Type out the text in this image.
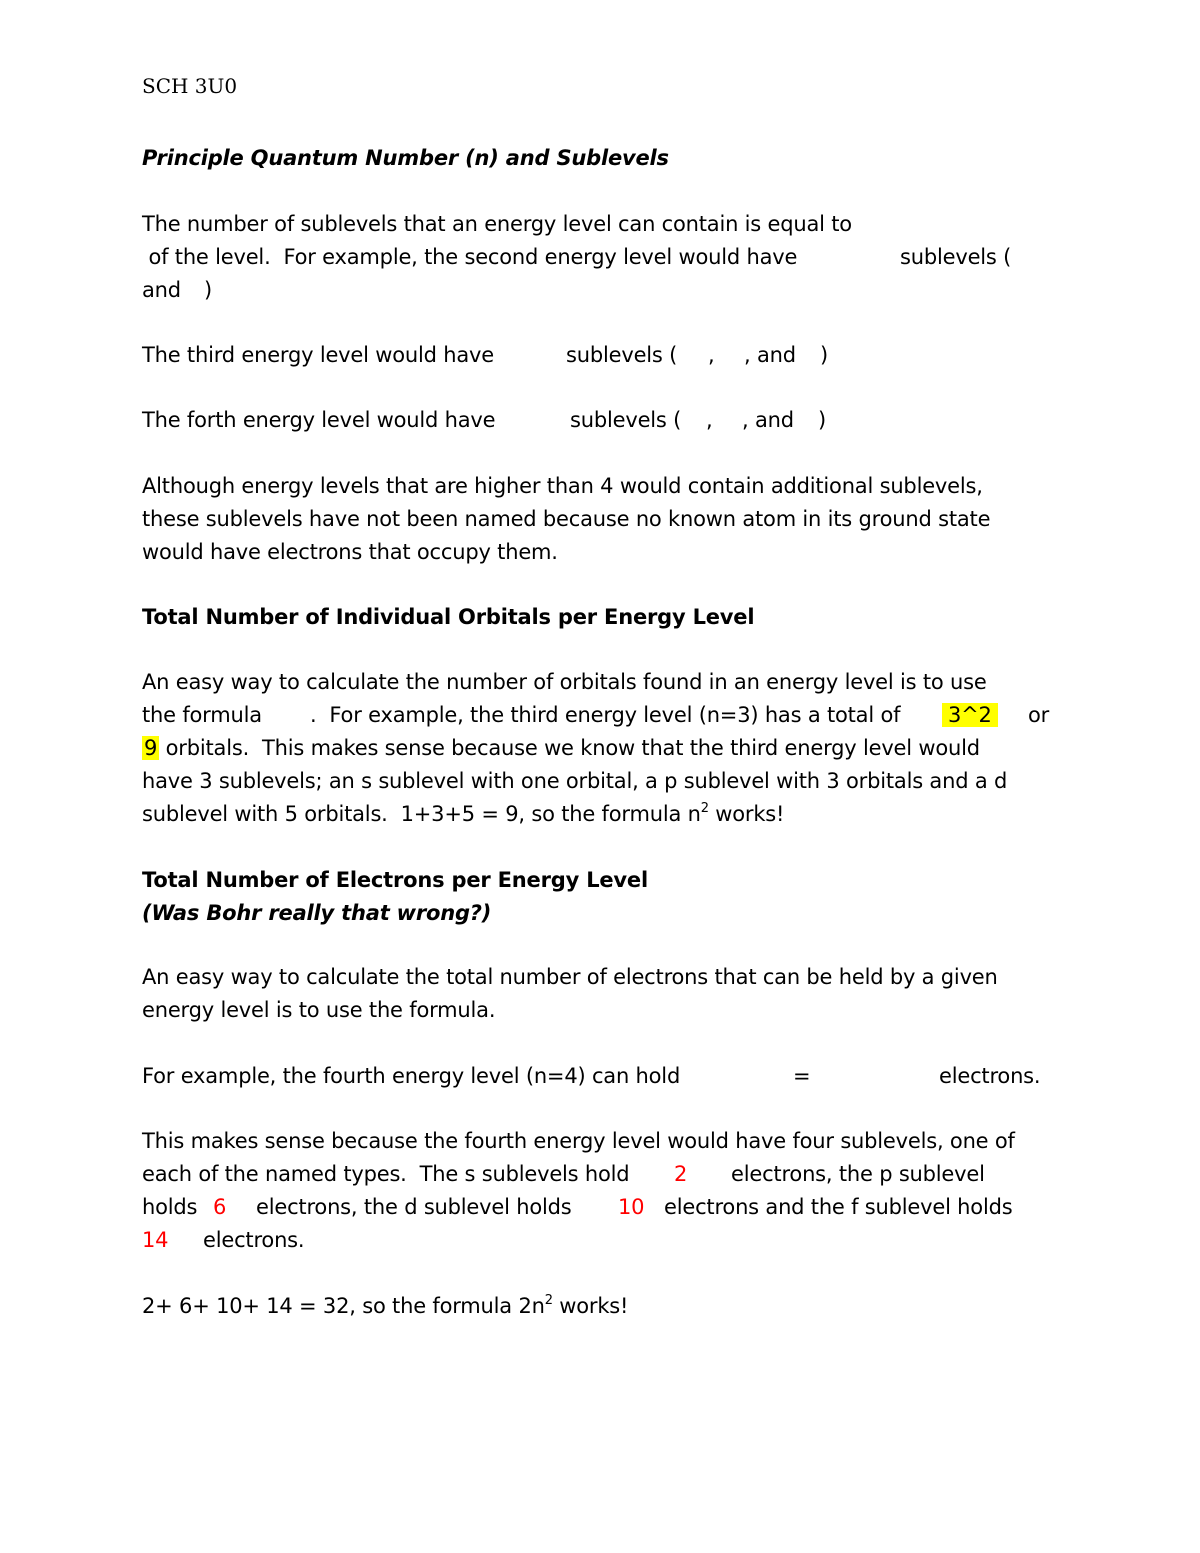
SCH 3U0
Principle Quantum Number (n) and Sublevels
The number of sublevels that an energy level can contain is equal to
of the level.  For example, the second energy level would have	sublevels (
and )
The third energy level would have	sublevels ( , , and )
The forth energy level would have	sublevels ( , , and )
Although energy levels that are higher than 4 would contain additional sublevels,
these sublevels have not been named because no known atom in its ground state
would have electrons that occupy them.
Total Number of Individual Orbitals per Energy Level
An easy way to calculate the number of orbitals found in an energy level is to use
the formula .  For example, the third energy level (n=3) has a total of 3^2 or
9 orbitals.  This makes sense because we know that the third energy level would
have 3 sublevels; an s sublevel with one orbital, a p sublevel with 3 orbitals and a d
sublevel with 5 orbitals.  1+3+5 = 9, so the formula $n^2$ works!
Total Number of Electrons per Energy Level
(Was Bohr really that wrong?)
An easy way to calculate the total number of electrons that can be held by a given
energy level is to use the formula.
For example, the fourth energy level (n=4) can hold	=	electrons.
This makes sense because the fourth energy level would have four sublevels, one of
each of the named types.  The s sublevels hold 2 electrons, the p sublevel
holds 6 electrons, the d sublevel holds 10 electrons and the f sublevel holds
14 electrons.
2+ 6+ 10+ 14 = 32, so the formula $2n^2$ works!
